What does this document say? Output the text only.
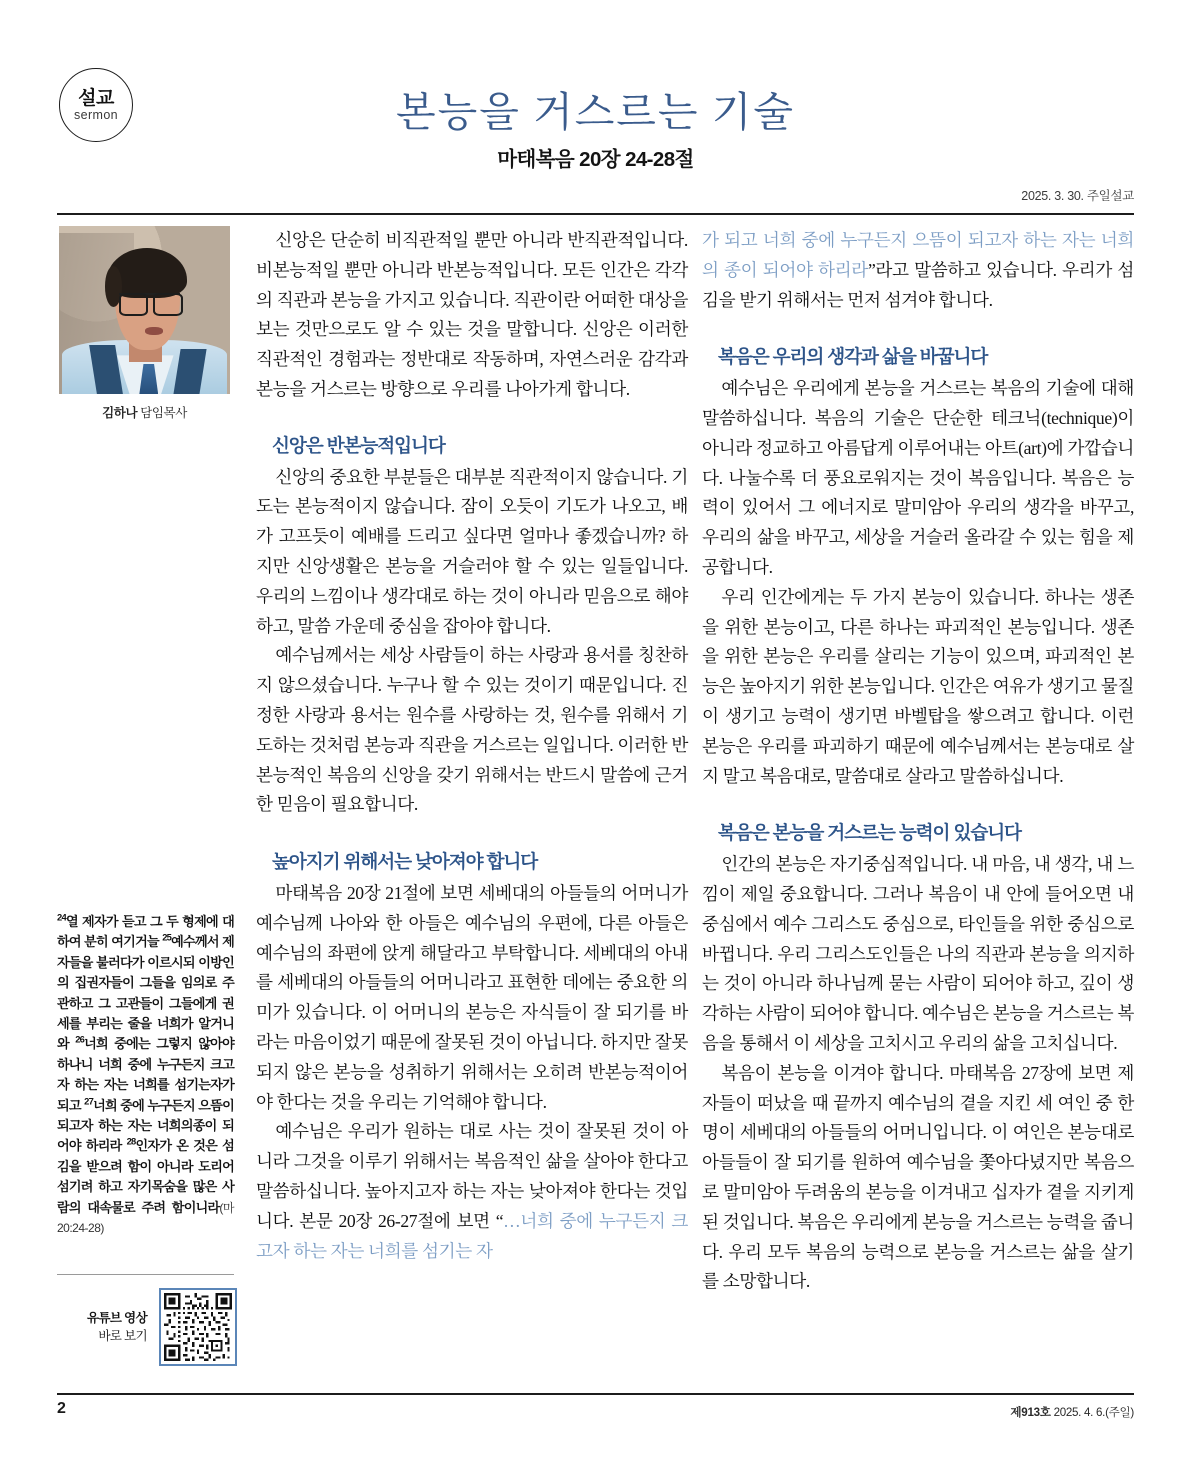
설교
sermon	본능을 거스르는 기술
마태복음 20장 24-28절
2025. 3. 30. 주일설교
김하나 담임목사
$^{24}$열 제자가 듣고 그 두 형제에 대하여 분히 여기거늘 $^{25}$예수께서 제자들을 불러다가 이르시되 이방인의 집권자들이 그들을 임의로 주관하고 그 고관들이 그들에게 권세를 부리는 줄을 너희가 알거니와 $^{26}$너희 중에는 그렇지 않아야 하나니 너희 중에 누구든지 크고자 하는 자는 너희를 섬기는자가 되고 $^{27}$너희 중에 누구든지 으뜸이 되고자 하는 자는 너희의종이 되어야 하리라 $^{28}$인자가 온 것은 섬김을 받으려 함이 아니라 도리어 섬기려 하고 자기목숨을 많은 사람의 대속물로 주려 함이니라(마 20:24-28)
유튜브 영상
바로 보기

신앙은 단순히 비직관적일 뿐만 아니라 반직관적입니다. 비본능적일 뿐만 아니라 반본능적입니다. 모든 인간은 각각의 직관과 본능을 가지고 있습니다. 직관이란 어떠한 대상을 보는 것만으로도 알 수 있는 것을 말합니다. 신앙은 이러한 직관적인 경험과는 정반대로 작동하며, 자연스러운 감각과 본능을 거스르는 방향으로 우리를 나아가게 합니다.

신앙은 반본능적입니다

신앙의 중요한 부분들은 대부분 직관적이지 않습니다. 기도는 본능적이지 않습니다. 잠이 오듯이 기도가 나오고, 배가 고프듯이 예배를 드리고 싶다면 얼마나 좋겠습니까? 하지만 신앙생활은 본능을 거슬러야 할 수 있는 일들입니다. 우리의 느낌이나 생각대로 하는 것이 아니라 믿음으로 해야 하고, 말씀 가운데 중심을 잡아야 합니다.

예수님께서는 세상 사람들이 하는 사랑과 용서를 칭찬하지 않으셨습니다. 누구나 할 수 있는 것이기 때문입니다. 진정한 사랑과 용서는 원수를 사랑하는 것, 원수를 위해서 기도하는 것처럼 본능과 직관을 거스르는 일입니다. 이러한 반본능적인 복음의 신앙을 갖기 위해서는 반드시 말씀에 근거한 믿음이 필요합니다.

높아지기 위해서는 낮아져야 합니다

마태복음 20장 21절에 보면 세베대의 아들들의 어머니가 예수님께 나아와 한 아들은 예수님의 우편에, 다른 아들은 예수님의 좌편에 앉게 해달라고 부탁합니다. 세베대의 아내를 세베대의 아들들의 어머니라고 표현한 데에는 중요한 의미가 있습니다. 이 어머니의 본능은 자식들이 잘 되기를 바라는 마음이었기 때문에 잘못된 것이 아닙니다. 하지만 잘못되지 않은 본능을 성취하기 위해서는 오히려 반본능적이어야 한다는 것을 우리는 기억해야 합니다.

예수님은 우리가 원하는 대로 사는 것이 잘못된 것이 아니라 그것을 이루기 위해서는 복음적인 삶을 살아야 한다고 말씀하십니다. 높아지고자 하는 자는 낮아져야 한다는 것입니다. 본문 20장 26-27절에 보면 “…너희 중에 누구든지 크고자 하는 자는 너희를 섬기는 자

가 되고 너희 중에 누구든지 으뜸이 되고자 하는 자는 너희의 종이 되어야 하리라”라고 말씀하고 있습니다. 우리가 섬김을 받기 위해서는 먼저 섬겨야 합니다.

복음은 우리의 생각과 삶을 바꿉니다

예수님은 우리에게 본능을 거스르는 복음의 기술에 대해 말씀하십니다. 복음의 기술은 단순한 테크닉(technique)이 아니라 정교하고 아름답게 이루어내는 아트(art)에 가깝습니다. 나눌수록 더 풍요로워지는 것이 복음입니다. 복음은 능력이 있어서 그 에너지로 말미암아 우리의 생각을 바꾸고, 우리의 삶을 바꾸고, 세상을 거슬러 올라갈 수 있는 힘을 제공합니다.

우리 인간에게는 두 가지 본능이 있습니다. 하나는 생존을 위한 본능이고, 다른 하나는 파괴적인 본능입니다. 생존을 위한 본능은 우리를 살리는 기능이 있으며, 파괴적인 본능은 높아지기 위한 본능입니다. 인간은 여유가 생기고 물질이 생기고 능력이 생기면 바벨탑을 쌓으려고 합니다. 이런 본능은 우리를 파괴하기 때문에 예수님께서는 본능대로 살지 말고 복음대로, 말씀대로 살라고 말씀하십니다.

복음은 본능을 거스르는 능력이 있습니다

인간의 본능은 자기중심적입니다. 내 마음, 내 생각, 내 느낌이 제일 중요합니다. 그러나 복음이 내 안에 들어오면 내 중심에서 예수 그리스도 중심으로, 타인들을 위한 중심으로 바뀝니다. 우리 그리스도인들은 나의 직관과 본능을 의지하는 것이 아니라 하나님께 묻는 사람이 되어야 하고, 깊이 생각하는 사람이 되어야 합니다. 예수님은 본능을 거스르는 복음을 통해서 이 세상을 고치시고 우리의 삶을 고치십니다.

복음이 본능을 이겨야 합니다. 마태복음 27장에 보면 제자들이 떠났을 때 끝까지 예수님의 곁을 지킨 세 여인 중 한 명이 세베대의 아들들의 어머니입니다. 이 여인은 본능대로 아들들이 잘 되기를 원하여 예수님을 쫓아다녔지만 복음으로 말미암아 두려움의 본능을 이겨내고 십자가 곁을 지키게 된 것입니다. 복음은 우리에게 본능을 거스르는 능력을 줍니다. 우리 모두 복음의 능력으로 본능을 거스르는 삶을 살기를 소망합니다.

2	제913호 2025. 4. 6.(주일)
